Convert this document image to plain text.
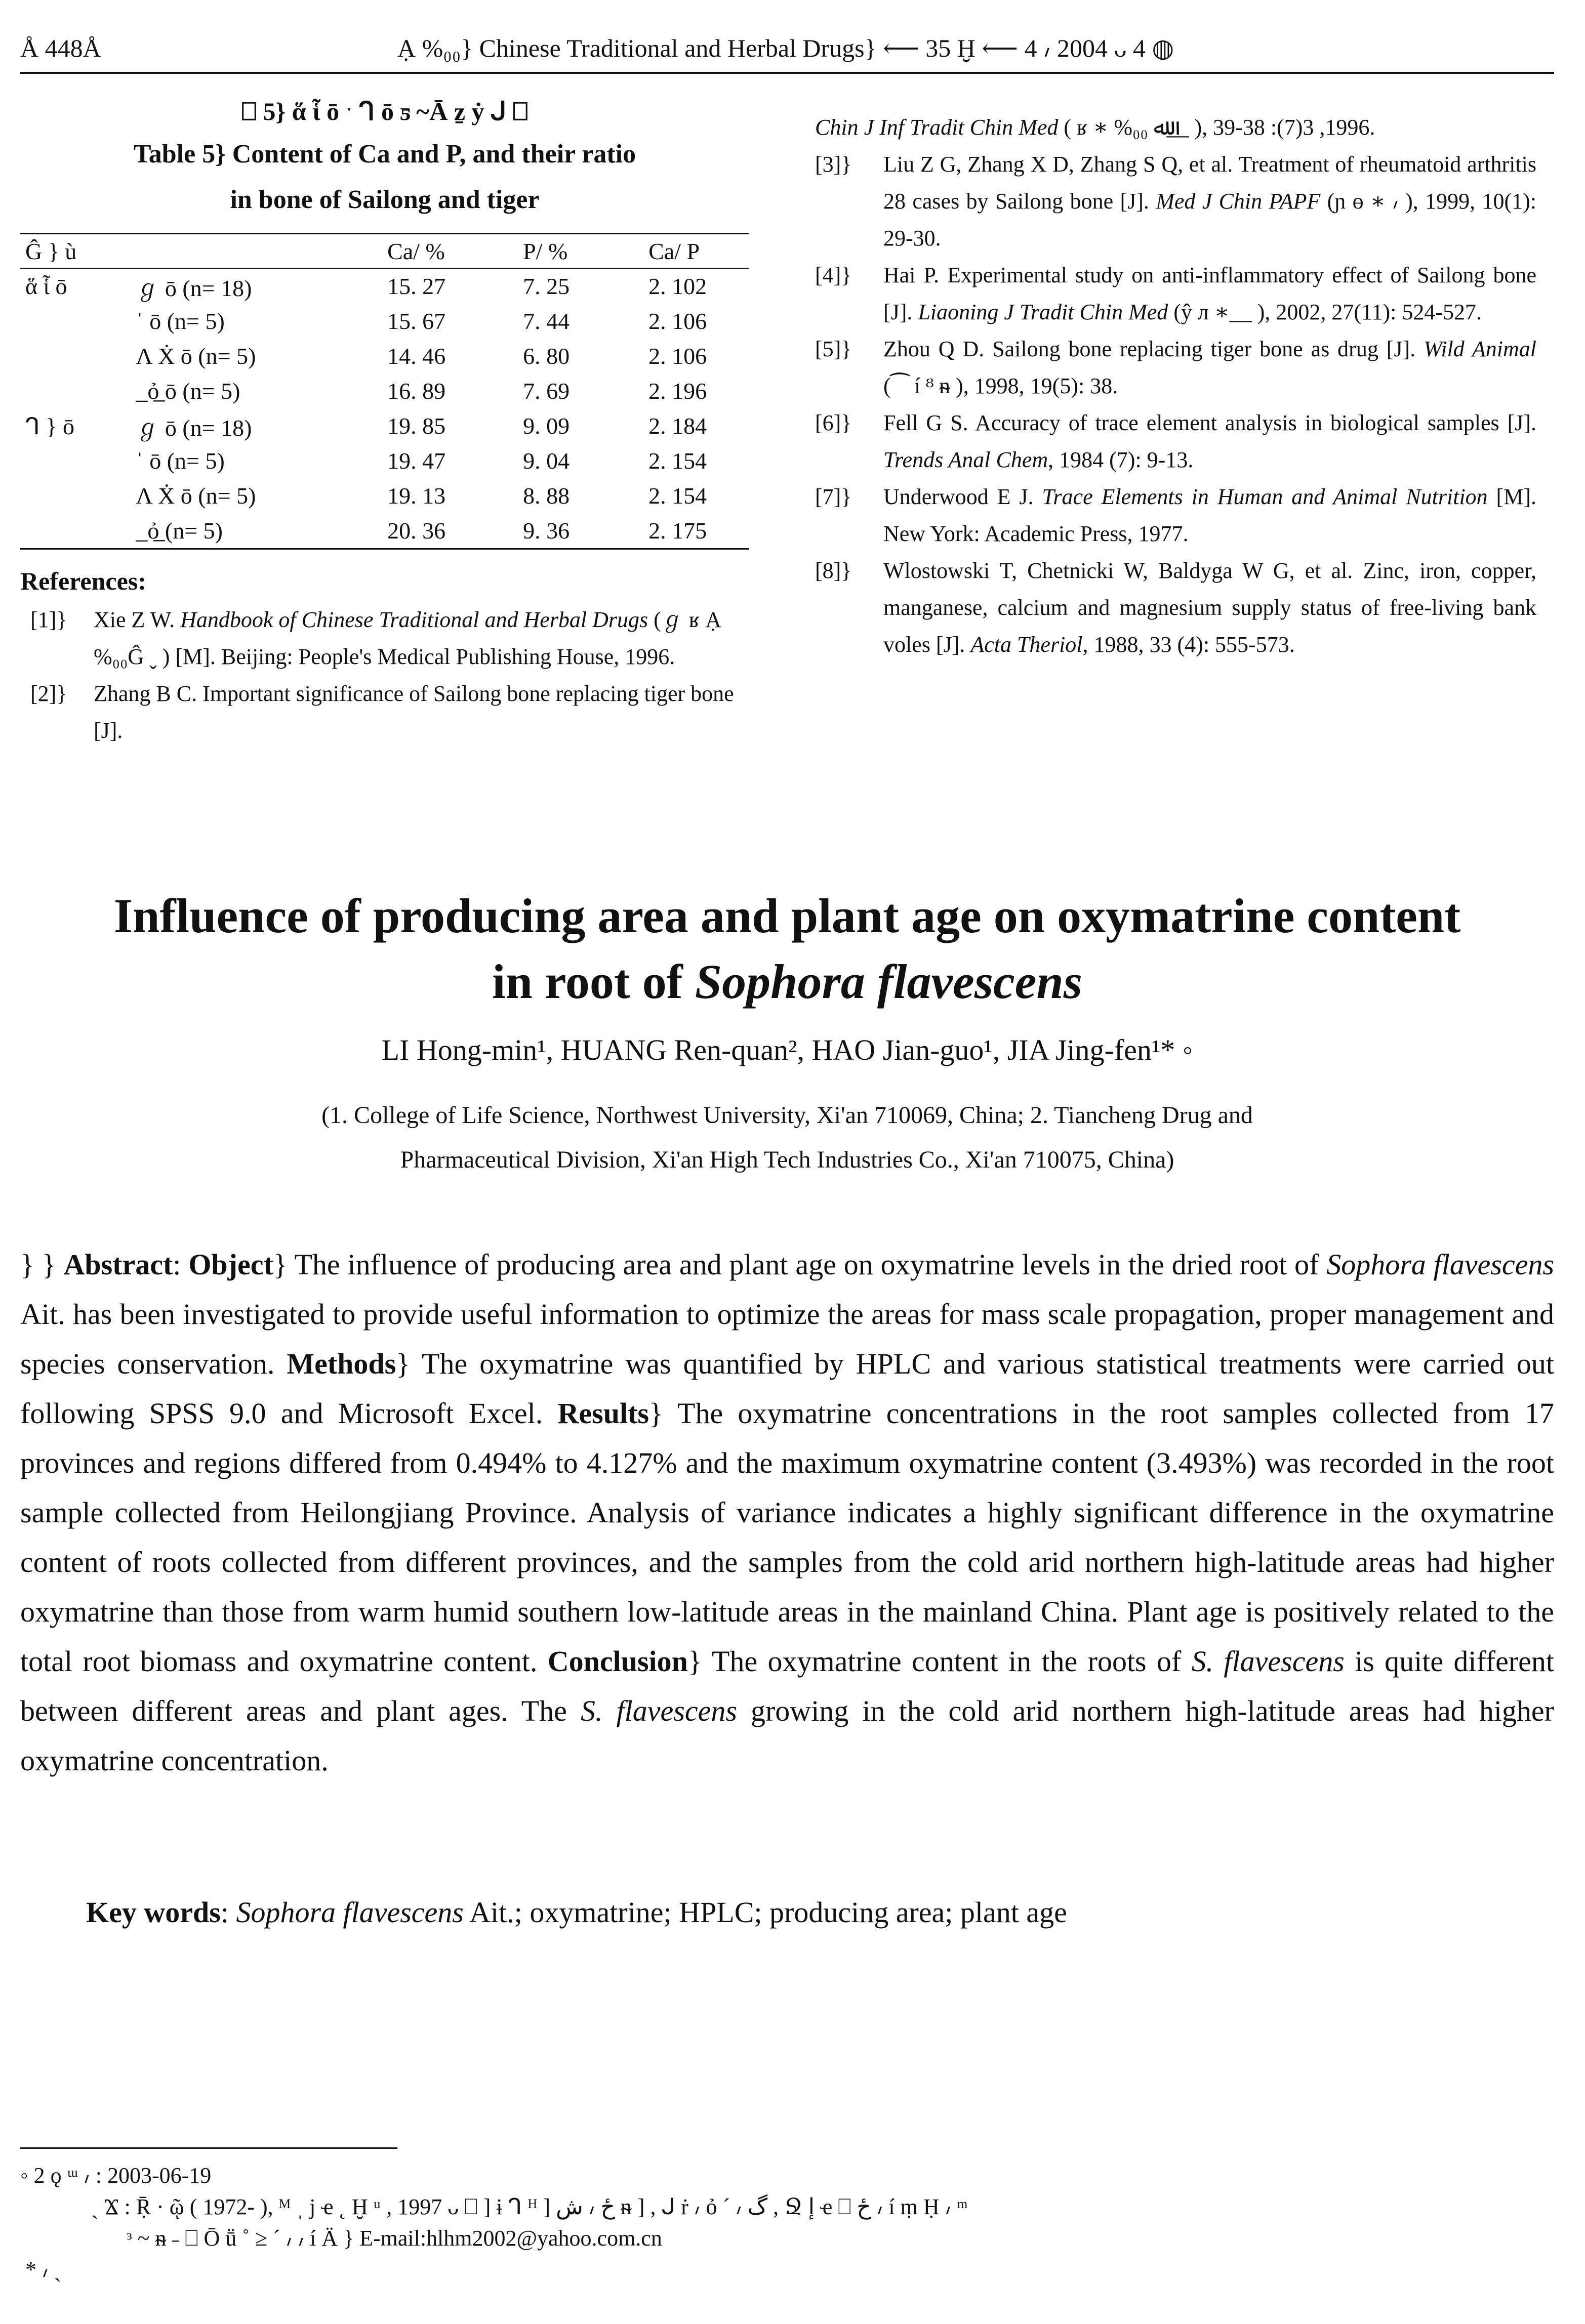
Å 448Å	Ạ %₀₀} Chinese Traditional and Herbal Drugs} ⟵ 35 Ḫ ⟵ 4 ៸ 2004 ᴗ 4 ◍
⎕ 5} ἅ ἷ ō ˑ ᒉ ō ƽ ~Ā ẕ ẏ ᒍ ⎕
Table 5} Content of Ca and P, and their ratio
in bone of Sailong and tiger
Ĝ } ù		Ca/ %	P/ %	Ca/ P
ἅ ἷ ō	ℊ ō (n= 18)	15. 27	7. 25	2. 102
	ˈ ō (n= 5)	15. 67	7. 44	2. 106
	Λ Ẋ ō (n= 5)	14. 46	6. 80	2. 106
	_ỏ̲ ō (n= 5)	16. 89	7. 69	2. 196
ᒉ } ō	ℊ ō (n= 18)	19. 85	9. 09	2. 184
	ˈ ō (n= 5)	19. 47	9. 04	2. 154
	Λ Ẋ ō (n= 5)	19. 13	8. 88	2. 154
	_ỏ̲ (n= 5)	20. 36	9. 36	2. 175
References:
[1]} Xie Z W. Handbook of Chinese Traditional and Herbal Drugs (ℊ ʁ Ạ %₀₀Ĝ ˬ ) [M]. Beijing: People's Medical Publishing House, 1996.
[2]} Zhang B C. Important significance of Sailong bone replacing tiger bone [J].
Chin J Inf Tradit Chin Med ( ʁ ∗ %₀₀ ﷲ__ ), 1996, 3(7): 38-39.
[3]} Liu Z G, Zhang X D, Zhang S Q, et al. Treatment of rheumatoid arthritis 28 cases by Sailong bone [J]. Med J Chin PAPF (ɲ ɵ ∗ ៸ ), 1999, 10(1): 29-30.
[4]} Hai P. Experimental study on anti-inflammatory effect of Sailong bone [J]. Liaoning J Tradit Chin Med (ŷ л ∗__ ), 2002, 27(11): 524-527.
[5]} Zhou Q D. Sailong bone replacing tiger bone as drug [J]. Wild Animal (⁀ í ᴽ ᵰ ), 1998, 19(5): 38.
[6]} Fell G S. Accuracy of trace element analysis in biological samples [J]. Trends Anal Chem, 1984 (7): 9-13.
[7]} Underwood E J. Trace Elements in Human and Animal Nutrition [M]. New York: Academic Press, 1977.
[8]} Wlostowski T, Chetnicki W, Baldyga W G, et al. Zinc, iron, copper, manganese, calcium and magnesium supply status of free-living bank voles [J]. Acta Theriol, 1988, 33 (4): 555-573.
Influence of producing area and plant age on oxymatrine content
in root of Sophora flavescens
LI Hong-min¹, HUANG Ren-quan², HAO Jian-guo¹, JIA Jing-fen¹* ◦
(1. College of Life Science, Northwest University, Xi'an 710069, China; 2. Tiancheng Drug and
Pharmaceutical Division, Xi'an High Tech Industries Co., Xi'an 710075, China)
} } Abstract: Object} The influence of producing area and plant age on oxymatrine levels in the dried root of Sophora flavescens Ait. has been investigated to provide useful information to optimize the areas for mass scale propagation, proper management and species conservation. Methods} The oxymatrine was quantified by HPLC and various statistical treatments were carried out following SPSS 9.0 and Microsoft Excel. Results} The oxymatrine concentrations in the root samples collected from 17 provinces and regions differed from 0.494% to 4.127% and the maximum oxymatrine content (3.493%) was recorded in the root sample collected from Heilongjiang Province. Analysis of variance indicates a highly significant difference in the oxymatrine content of roots collected from different provinces, and the samples from the cold arid northern high-latitude areas had higher oxymatrine than those from warm humid southern low-latitude areas in the mainland China. Plant age is positively related to the total root biomass and oxymatrine content. Conclusion} The oxymatrine content in the roots of S. flavescens is quite different between different areas and plant ages. The S. flavescens growing in the cold arid northern high-latitude areas had higher oxymatrine concentration.
Key words: Sophora flavescens Ait.; oxymatrine; HPLC; producing area; plant age
◦ 2 ǫ ᵚ ៸ : 2003-06-19
ˏ Ϫ : Ṝ · ῷ ( 1972- ), ᴹ ˌ j ҽ ˛ Ḫ ᵘ , 1997 ᴗ ⎕ ] ɨ ᒉ ᴴ ] ځ ៸ ش ᵰ ] , ᒍ ṙ ៸ ỏ ˊ ៸ گ , Ջ ﺇ ҽ ⎕ ځ ៸ í ṃ Ḥ ៸ ᵐ
ᵌ ~ ᵰ ˗ ⎕ Ō ṻ ˚ ≥ ˊ ៸ ៸ í Ä } E-mail:hlhm2002@yahoo.com.cn
* ៸ ˏ
